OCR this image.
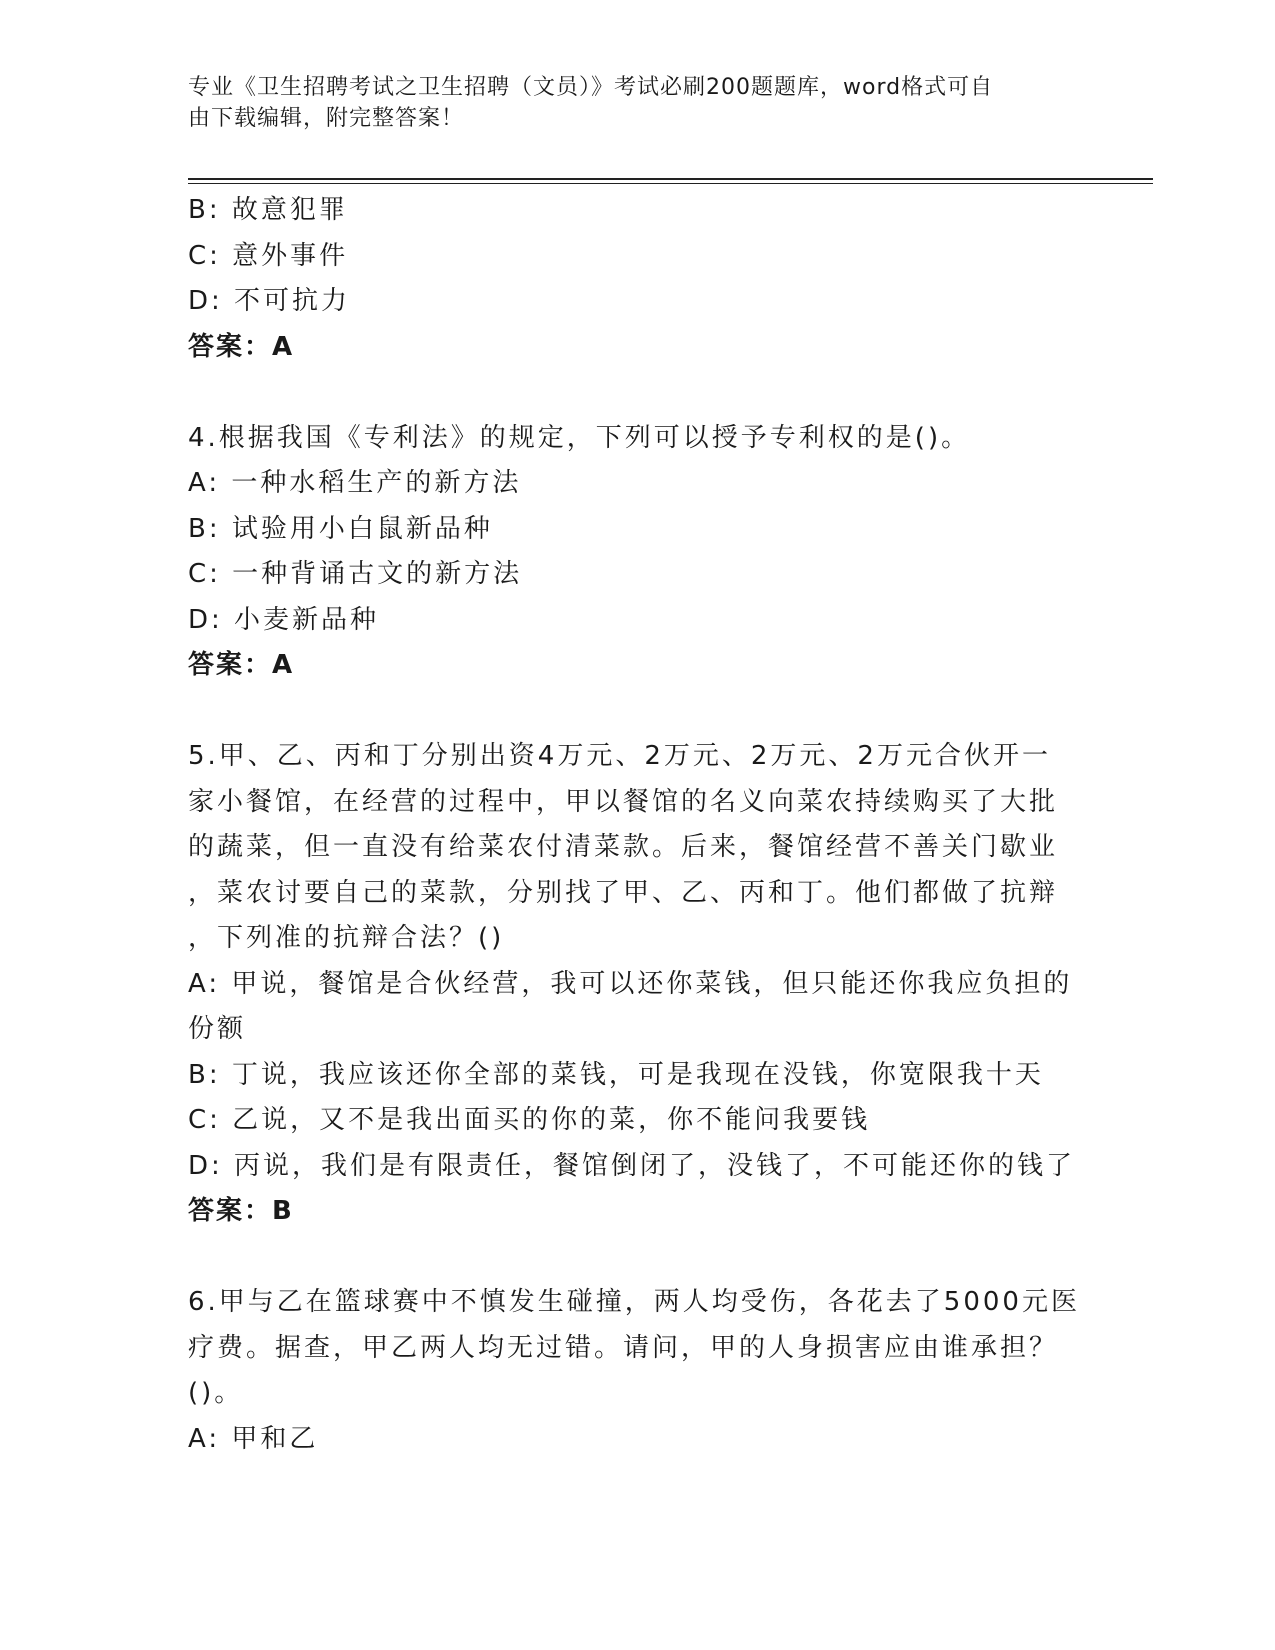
专业《卫生招聘考试之卫生招聘（文员）》考试必刷200题题库，word格式可自
由下载编辑，附完整答案！
B: 故意犯罪
C: 意外事件
D: 不可抗力
答案：A
4.根据我国《专利法》的规定，下列可以授予专利权的是()。
A: 一种水稻生产的新方法
B: 试验用小白鼠新品种
C: 一种背诵古文的新方法
D: 小麦新品种
答案：A
5.甲、乙、丙和丁分别出资4万元、2万元、2万元、2万元合伙开一
家小餐馆，在经营的过程中，甲以餐馆的名义向菜农持续购买了大批
的蔬菜，但一直没有给菜农付清菜款。后来，餐馆经营不善关门歇业
，菜农讨要自己的菜款，分别找了甲、乙、丙和丁。他们都做了抗辩
，下列准的抗辩合法？()
A: 甲说，餐馆是合伙经营，我可以还你菜钱，但只能还你我应负担的
份额
B: 丁说，我应该还你全部的菜钱，可是我现在没钱，你宽限我十天
C: 乙说，又不是我出面买的你的菜，你不能问我要钱
D: 丙说，我们是有限责任，餐馆倒闭了，没钱了，不可能还你的钱了
答案：B
6.甲与乙在篮球赛中不慎发生碰撞，两人均受伤，各花去了5000元医
疗费。据查，甲乙两人均无过错。请问，甲的人身损害应由谁承担？
()。
A: 甲和乙
